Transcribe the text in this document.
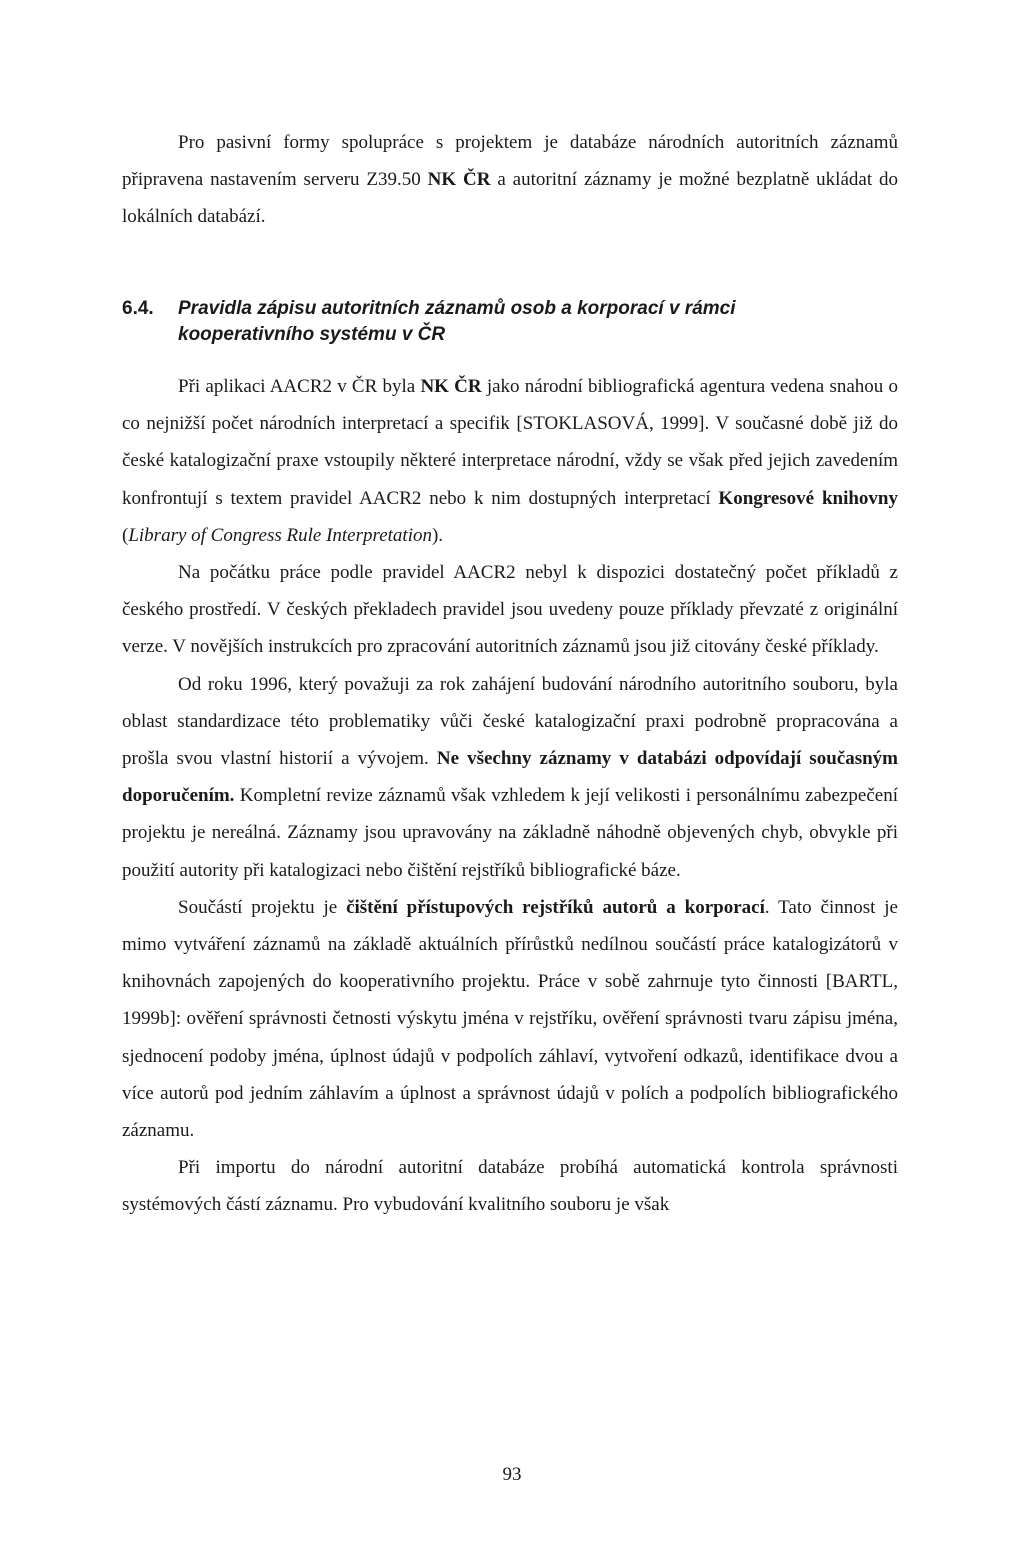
Pro pasivní formy spolupráce s projektem je databáze národních autoritních záznamů připravena nastavením serveru Z39.50 NK ČR a autoritní záznamy je možné bezplatně ukládat do lokálních databází.

6.4. Pravidla zápisu autoritních záznamů osob a korporací v rámci
kooperativního systému v ČR

Při aplikaci AACR2 v ČR byla NK ČR jako národní bibliografická agentura vedena snahou o co nejnižší počet národních interpretací a specifik [STOKLASOVÁ, 1999]. V současné době již do české katalogizační praxe vstoupily některé interpretace národní, vždy se však před jejich zavedením konfrontují s textem pravidel AACR2 nebo k nim dostupných interpretací Kongresové knihovny (Library of Congress Rule Interpretation).

Na počátku práce podle pravidel AACR2 nebyl k dispozici dostatečný počet příkladů z českého prostředí. V českých překladech pravidel jsou uvedeny pouze příklady převzaté z originální verze. V novějších instrukcích pro zpracování autoritních záznamů jsou již citovány české příklady.

Od roku 1996, který považuji za rok zahájení budování národního autoritního souboru, byla oblast standardizace této problematiky vůči české katalogizační praxi podrobně propracována a prošla svou vlastní historií a vývojem. Ne všechny záznamy v databázi odpovídají současným doporučením. Kompletní revize záznamů však vzhledem k její velikosti i personálnímu zabezpečení projektu je nereálná. Záznamy jsou upravovány na základně náhodně objevených chyb, obvykle při použití autority při katalogizaci nebo čištění rejstříků bibliografické báze.

Součástí projektu je čištění přístupových rejstříků autorů a korporací. Tato činnost je mimo vytváření záznamů na základě aktuálních přírůstků nedílnou součástí práce katalogizátorů v knihovnách zapojených do kooperativního projektu. Práce v sobě zahrnuje tyto činnosti [BARTL, 1999b]: ověření správnosti četnosti výskytu jména v rejstříku, ověření správnosti tvaru zápisu jména, sjednocení podoby jména, úplnost údajů v podpolích záhlaví, vytvoření odkazů, identifikace dvou a více autorů pod jedním záhlavím a úplnost a správnost údajů v polích a podpolích bibliografického záznamu.

Při importu do národní autoritní databáze probíhá automatická kontrola správnosti systémových částí záznamu. Pro vybudování kvalitního souboru je však

93
